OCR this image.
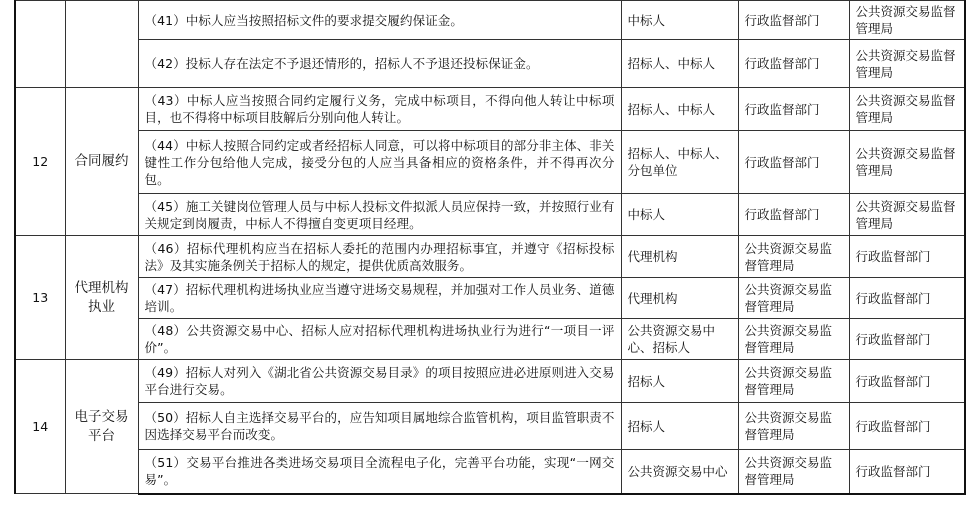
		（41）中标人应当按照招标文件的要求提交履约保证金。	中标人	行政监督部门	公共资源交易监督管理局
		（42）投标人存在法定不予退还情形的，招标人不予退还投标保证金。	招标人、中标人	行政监督部门	公共资源交易监督管理局
12	合同履约	（43）中标人应当按照合同约定履行义务，完成中标项目，不得向他人转让中标项目，也不得将中标项目肢解后分别向他人转让。	招标人、中标人	行政监督部门	公共资源交易监督管理局
		（44）中标人按照合同约定或者经招标人同意，可以将中标项目的部分非主体、非关键性工作分包给他人完成，接受分包的人应当具备相应的资格条件，并不得再次分包。	招标人、中标人、分包单位	行政监督部门	公共资源交易监督管理局
		（45）施工关键岗位管理人员与中标人投标文件拟派人员应保持一致，并按照行业有关规定到岗履责，中标人不得擅自变更项目经理。	中标人	行政监督部门	公共资源交易监督管理局
13	代理机构执业	（46）招标代理机构应当在招标人委托的范围内办理招标事宜，并遵守《招标投标法》及其实施条例关于招标人的规定，提供优质高效服务。	代理机构	公共资源交易监督管理局	行政监督部门
		（47）招标代理机构进场执业应当遵守进场交易规程，并加强对工作人员业务、道德培训。	代理机构	公共资源交易监督管理局	行政监督部门
		（48）公共资源交易中心、招标人应对招标代理机构进场执业行为进行“一项目一评价”。	公共资源交易中心、招标人	公共资源交易监督管理局	行政监督部门
14	电子交易平台	（49）招标人对列入《湖北省公共资源交易目录》的项目按照应进必进原则进入交易平台进行交易。	招标人	公共资源交易监督管理局	行政监督部门
		（50）招标人自主选择交易平台的，应告知项目属地综合监管机构，项目监管职责不因选择交易平台而改变。	招标人	公共资源交易监督管理局	行政监督部门
		（51）交易平台推进各类进场交易项目全流程电子化，完善平台功能，实现“一网交易”。	公共资源交易中心	公共资源交易监督管理局	行政监督部门
